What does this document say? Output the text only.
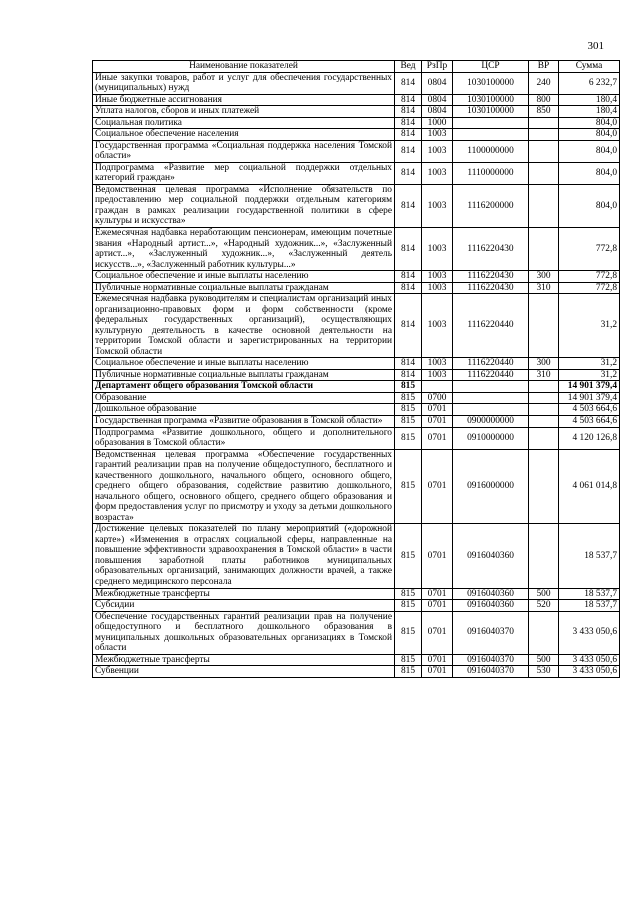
301
Наименование показателей	Вед	РзПр	ЦСР	ВР	Сумма
Иные закупки товаров, работ и услуг для обеспечения государственных (муниципальных) нужд	814	0804	1030100000	240	6 232,7
Иные бюджетные ассигнования	814	0804	1030100000	800	180,4
Уплата налогов, сборов и иных платежей	814	0804	1030100000	850	180,4
Социальная политика	814	1000			804,0
Социальное обеспечение населения	814	1003			804,0
Государственная программа «Социальная поддержка населения Томской области»	814	1003	1100000000		804,0
Подпрограмма «Развитие мер социальной поддержки отдельных категорий граждан»	814	1003	1110000000		804,0
Ведомственная целевая программа «Исполнение обязательств по предоставлению мер социальной поддержки отдельным категориям граждан в рамках реализации государственной политики в сфере культуры и искусства»	814	1003	1116200000		804,0
Ежемесячная надбавка неработающим пенсионерам, имеющим почетные звания «Народный артист...», «Народный художник...», «Заслуженный артист...», «Заслуженный художник...», «Заслуженный деятель искусств...», «Заслуженный работник культуры...»	814	1003	1116220430		772,8
Социальное обеспечение и иные выплаты населению	814	1003	1116220430	300	772,8
Публичные нормативные социальные выплаты гражданам	814	1003	1116220430	310	772,8
Ежемесячная надбавка руководителям и специалистам организаций иных организационно-правовых форм и форм собственности (кроме федеральных государственных организаций), осуществляющих культурную деятельность в качестве основной деятельности на территории Томской области и зарегистрированных на территории Томской области	814	1003	1116220440		31,2
Социальное обеспечение и иные выплаты населению	814	1003	1116220440	300	31,2
Публичные нормативные социальные выплаты гражданам	814	1003	1116220440	310	31,2
Департамент общего образования Томской области	815				14 901 379,4
Образование	815	0700			14 901 379,4
Дошкольное образование	815	0701			4 503 664,6
Государственная программа «Развитие образования в Томской области»	815	0701	0900000000		4 503 664,6
Подпрограмма «Развитие дошкольного, общего и дополнительного образования в Томской области»	815	0701	0910000000		4 120 126,8
Ведомственная целевая программа «Обеспечение государственных гарантий реализации прав на получение общедоступного, бесплатного и качественного дошкольного, начального общего, основного общего, среднего общего образования, содействие развитию дошкольного, начального общего, основного общего, среднего общего образования и форм предоставления услуг по присмотру и уходу за детьми дошкольного возраста»	815	0701	0916000000		4 061 014,8
Достижение целевых показателей по плану мероприятий («дорожной карте») «Изменения в отраслях социальной сферы, направленные на повышение эффективности здравоохранения в Томской области» в части повышения заработной платы работников муниципальных образовательных организаций, занимающих должности врачей, а также среднего медицинского персонала	815	0701	0916040360		18 537,7
Межбюджетные трансферты	815	0701	0916040360	500	18 537,7
Субсидии	815	0701	0916040360	520	18 537,7
Обеспечение государственных гарантий реализации прав на получение общедоступного и бесплатного дошкольного образования в муниципальных дошкольных образовательных организациях в Томской области	815	0701	0916040370		3 433 050,6
Межбюджетные трансферты	815	0701	0916040370	500	3 433 050,6
Субвенции	815	0701	0916040370	530	3 433 050,6
